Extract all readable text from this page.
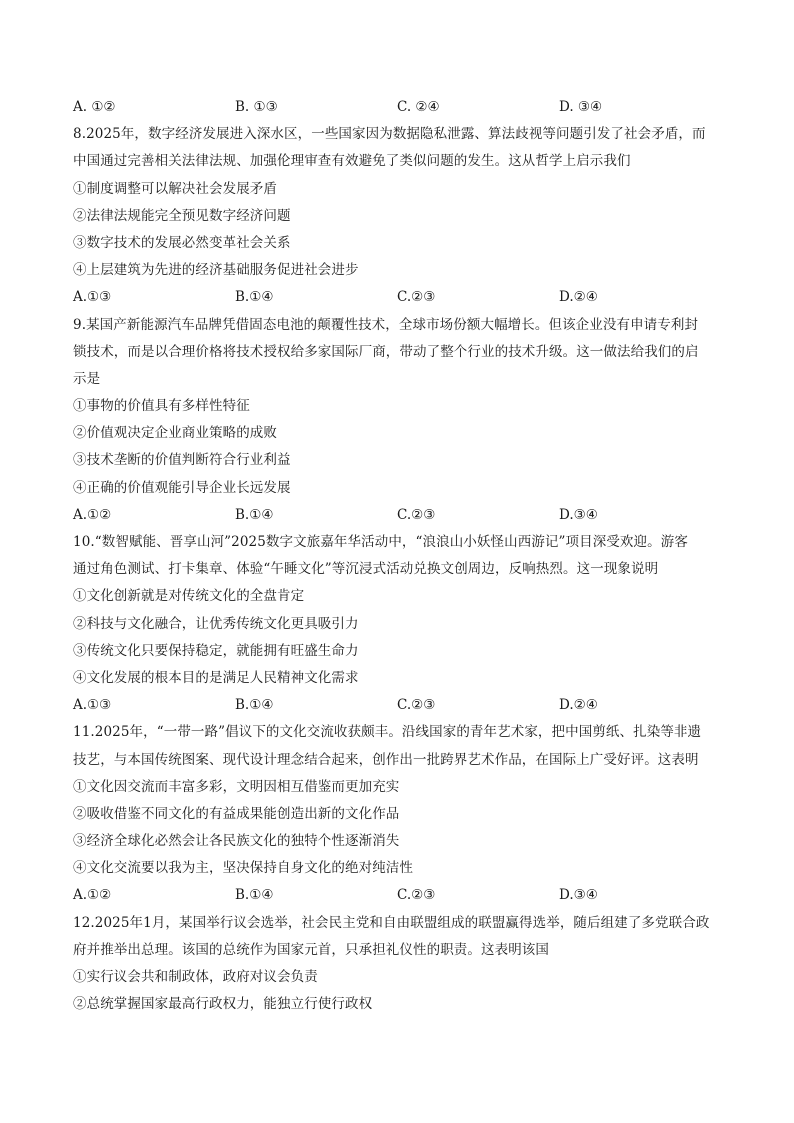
A. ①②	B. ①③	C. ②④	D. ③④
8.2025年，数字经济发展进入深水区，一些国家因为数据隐私泄露、算法歧视等问题引发了社会矛盾，而
中国通过完善相关法律法规、加强伦理审查有效避免了类似问题的发生。这从哲学上启示我们
①制度调整可以解决社会发展矛盾
②法律法规能完全预见数字经济问题
③数字技术的发展必然变革社会关系
④上层建筑为先进的经济基础服务促进社会进步
A.①③	B.①④	C.②③	D.②④
9.某国产新能源汽车品牌凭借固态电池的颠覆性技术，全球市场份额大幅增长。但该企业没有申请专利封
锁技术，而是以合理价格将技术授权给多家国际厂商，带动了整个行业的技术升级。这一做法给我们的启
示是
①事物的价值具有多样性特征
②价值观决定企业商业策略的成败
③技术垄断的价值判断符合行业利益
④正确的价值观能引导企业长远发展
A.①②	B.①④	C.②③	D.③④
10.“数智赋能、晋享山河”2025数字文旅嘉年华活动中，“浪浪山小妖怪山西游记”项目深受欢迎。游客
通过角色测试、打卡集章、体验“午睡文化”等沉浸式活动兑换文创周边，反响热烈。这一现象说明
①文化创新就是对传统文化的全盘肯定
②科技与文化融合，让优秀传统文化更具吸引力
③传统文化只要保持稳定，就能拥有旺盛生命力
④文化发展的根本目的是满足人民精神文化需求
A.①③	B.①④	C.②③	D.②④
11.2025年，“一带一路”倡议下的文化交流收获颇丰。沿线国家的青年艺术家，把中国剪纸、扎染等非遗
技艺，与本国传统图案、现代设计理念结合起来，创作出一批跨界艺术作品，在国际上广受好评。这表明
①文化因交流而丰富多彩，文明因相互借鉴而更加充实
②吸收借鉴不同文化的有益成果能创造出新的文化作品
③经济全球化必然会让各民族文化的独特个性逐渐消失
④文化交流要以我为主，坚决保持自身文化的绝对纯洁性
A.①②	B.①④	C.②③	D.③④
12.2025年1月，某国举行议会选举，社会民主党和自由联盟组成的联盟赢得选举，随后组建了多党联合政
府并推举出总理。该国的总统作为国家元首，只承担礼仪性的职责。这表明该国
①实行议会共和制政体，政府对议会负责
②总统掌握国家最高行政权力，能独立行使行政权
